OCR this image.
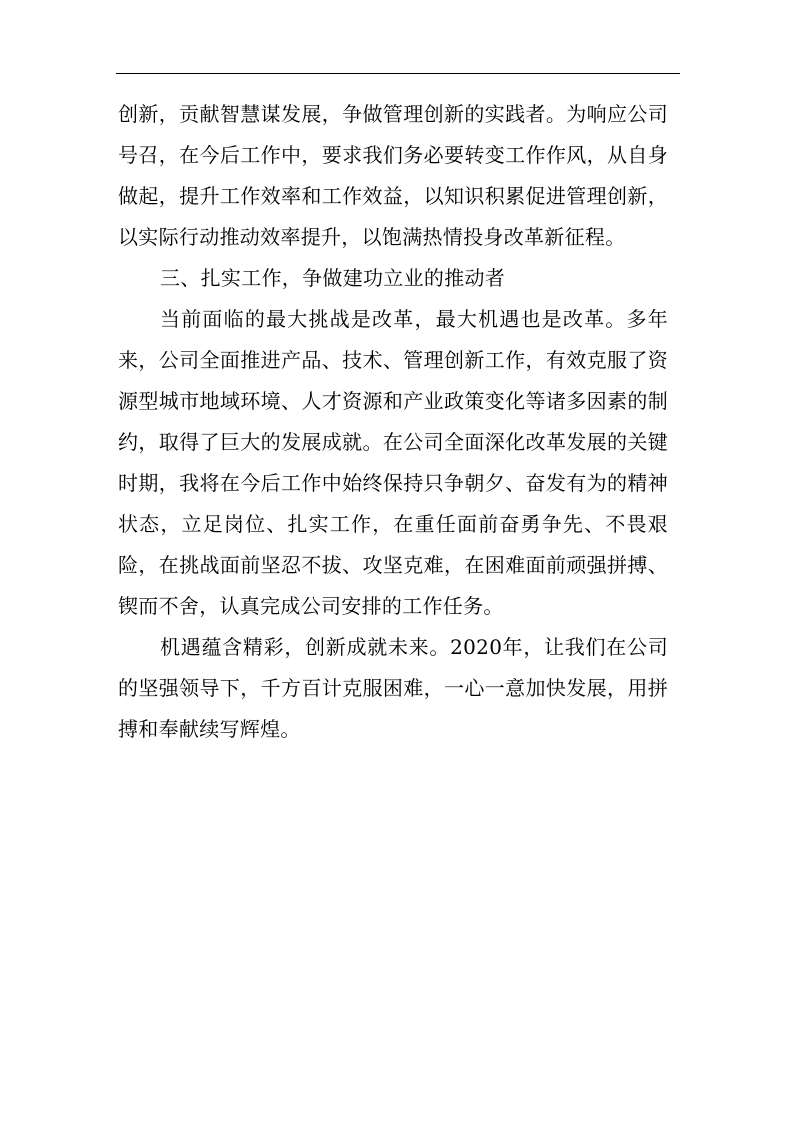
创新，贡献智慧谋发展，争做管理创新的实践者。为响应公司号召，在今后工作中，要求我们务必要转变工作作风，从自身做起，提升工作效率和工作效益，以知识积累促进管理创新，以实际行动推动效率提升，以饱满热情投身改革新征程。

三、扎实工作，争做建功立业的推动者

当前面临的最大挑战是改革，最大机遇也是改革。多年来，公司全面推进产品、技术、管理创新工作，有效克服了资源型城市地域环境、人才资源和产业政策变化等诸多因素的制约，取得了巨大的发展成就。在公司全面深化改革发展的关键时期，我将在今后工作中始终保持只争朝夕、奋发有为的精神状态，立足岗位、扎实工作，在重任面前奋勇争先、不畏艰险，在挑战面前坚忍不拔、攻坚克难，在困难面前顽强拼搏、锲而不舍，认真完成公司安排的工作任务。

机遇蕴含精彩，创新成就未来。2020年，让我们在公司的坚强领导下，千方百计克服困难，一心一意加快发展，用拼搏和奉献续写辉煌。
